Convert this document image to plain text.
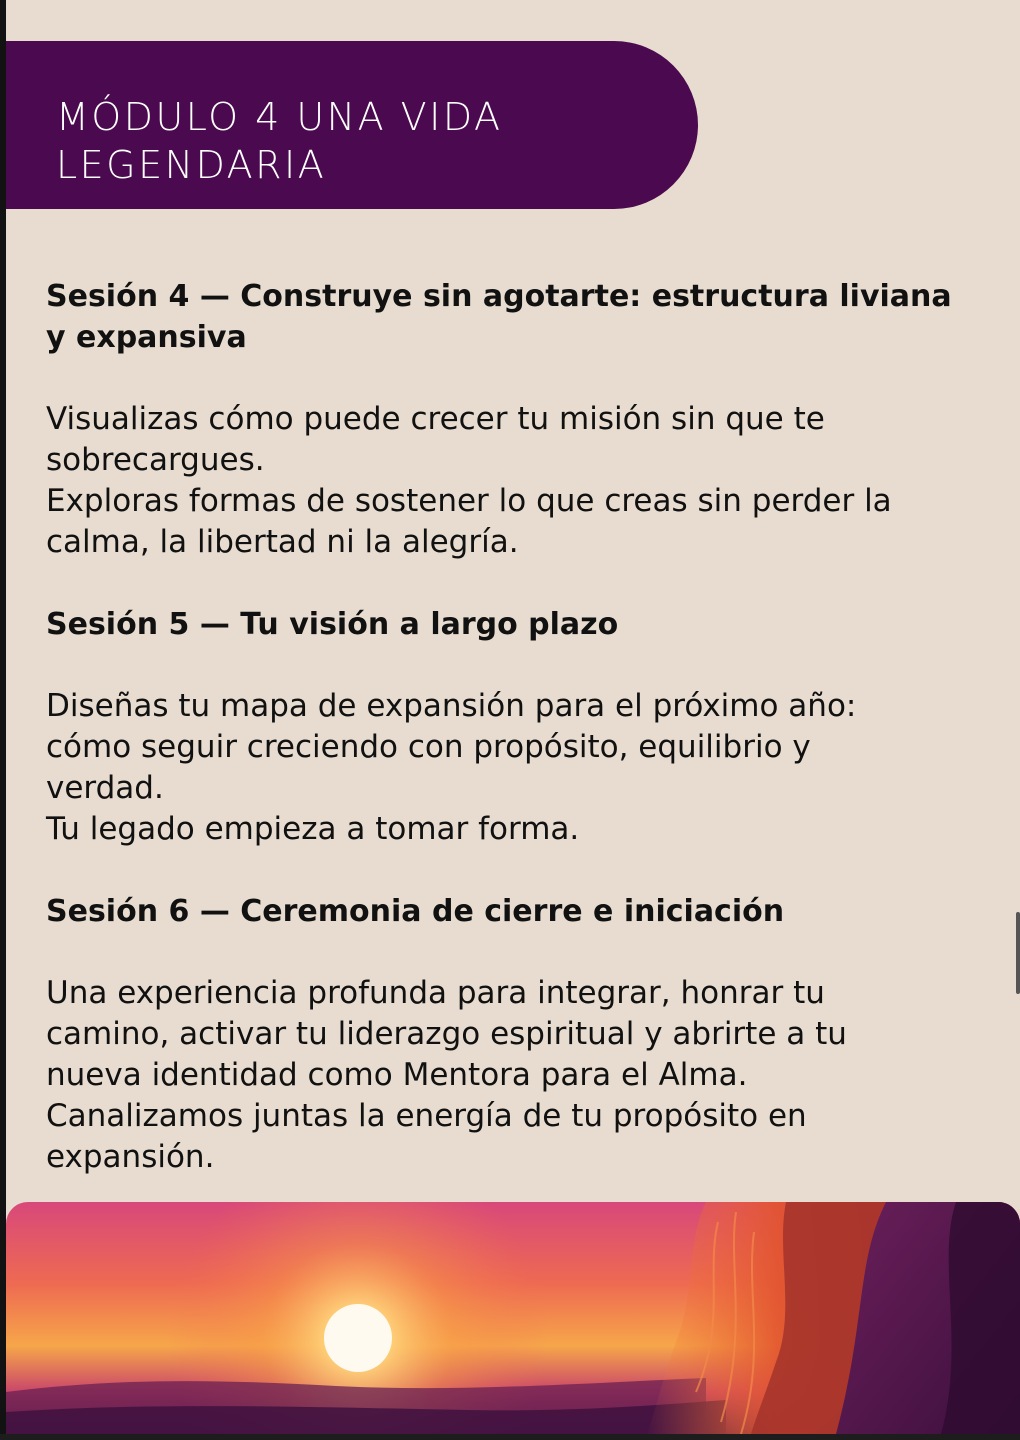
MÓDULO 4 UNA VIDA
LEGENDARIA
Sesión 4 — Construye sin agotarte: estructura liviana
y expansiva

Visualizas cómo puede crecer tu misión sin que te
sobrecargues.
Exploras formas de sostener lo que creas sin perder la
calma, la libertad ni la alegría.

Sesión 5 — Tu visión a largo plazo

Diseñas tu mapa de expansión para el próximo año:
cómo seguir creciendo con propósito, equilibrio y
verdad.
Tu legado empieza a tomar forma.

Sesión 6 — Ceremonia de cierre e iniciación

Una experiencia profunda para integrar, honrar tu
camino, activar tu liderazgo espiritual y abrirte a tu
nueva identidad como Mentora para el Alma.
Canalizamos juntas la energía de tu propósito en
expansión.
